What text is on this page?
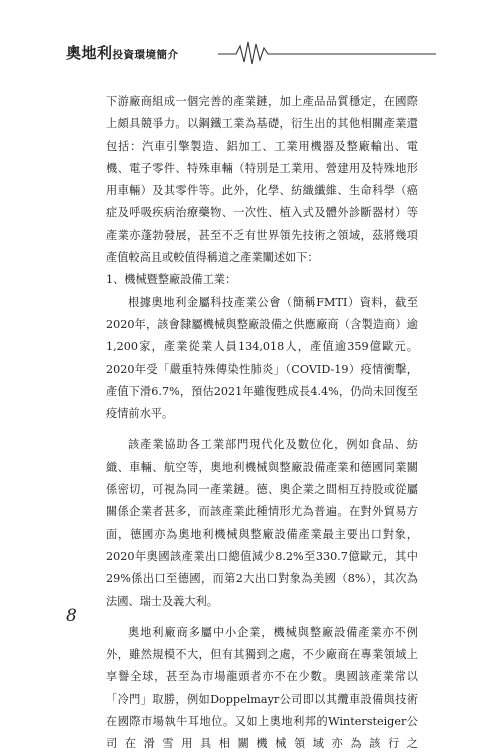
奧地利投資環境簡介

下游廠商組成一個完善的產業鏈，加上產品品質穩定，在國際上頗具競爭力。以鋼鐵工業為基礎，衍生出的其他相關產業還包括：汽車引擎製造、鋁加工、工業用機器及整廠輸出、電機、電子零件、特殊車輛（特別是工業用、營建用及特殊地形用車輛）及其零件等。此外，化學、紡織纖維、生命科學（癌症及呼吸疾病治療藥物、一次性、植入式及體外診斷器材）等產業亦蓬勃發展，甚至不乏有世界領先技術之領域，茲將幾項產值較高且或較值得稱道之產業闡述如下：

1、機械暨整廠設備工業：

根據奧地利金屬科技產業公會（簡稱FMTI）資料，截至2020年，該會隸屬機械與整廠設備之供應廠商（含製造商）逾1,200家，產業從業人員134,018人，產值逾359億歐元。2020年受「嚴重特殊傳染性肺炎」（COVID-19）疫情衝擊，產值下滑6.7%，預估2021年雖復甦成長4.4%，仍尚未回復至疫情前水平。

該產業協助各工業部門現代化及數位化，例如食品、紡織、車輛、航空等，奧地利機械與整廠設備產業和德國同業關係密切，可視為同一產業鏈。德、奧企業之間相互持股或從屬關係企業者甚多，而該產業此種情形尤為普遍。在對外貿易方面，德國亦為奧地利機械與整廠設備產業最主要出口對象，2020年奧國該產業出口總值減少8.2%至330.7億歐元，其中29%係出口至德國，而第2大出口對象為美國（8%），其次為法國、瑞士及義大利。

奧地利廠商多屬中小企業，機械與整廠設備產業亦不例外，雖然規模不大，但有其獨到之處，不少廠商在專業領域上享譽全球，甚至為市場龍頭者亦不在少數。奧國該產業常以「冷門」取勝，例如Doppelmayr公司即以其纜車設備與技術在國際市場執牛耳地位。又如上奧地利邦的Wintersteiger公司在滑雪用具相關機械領域亦為該行之

8
